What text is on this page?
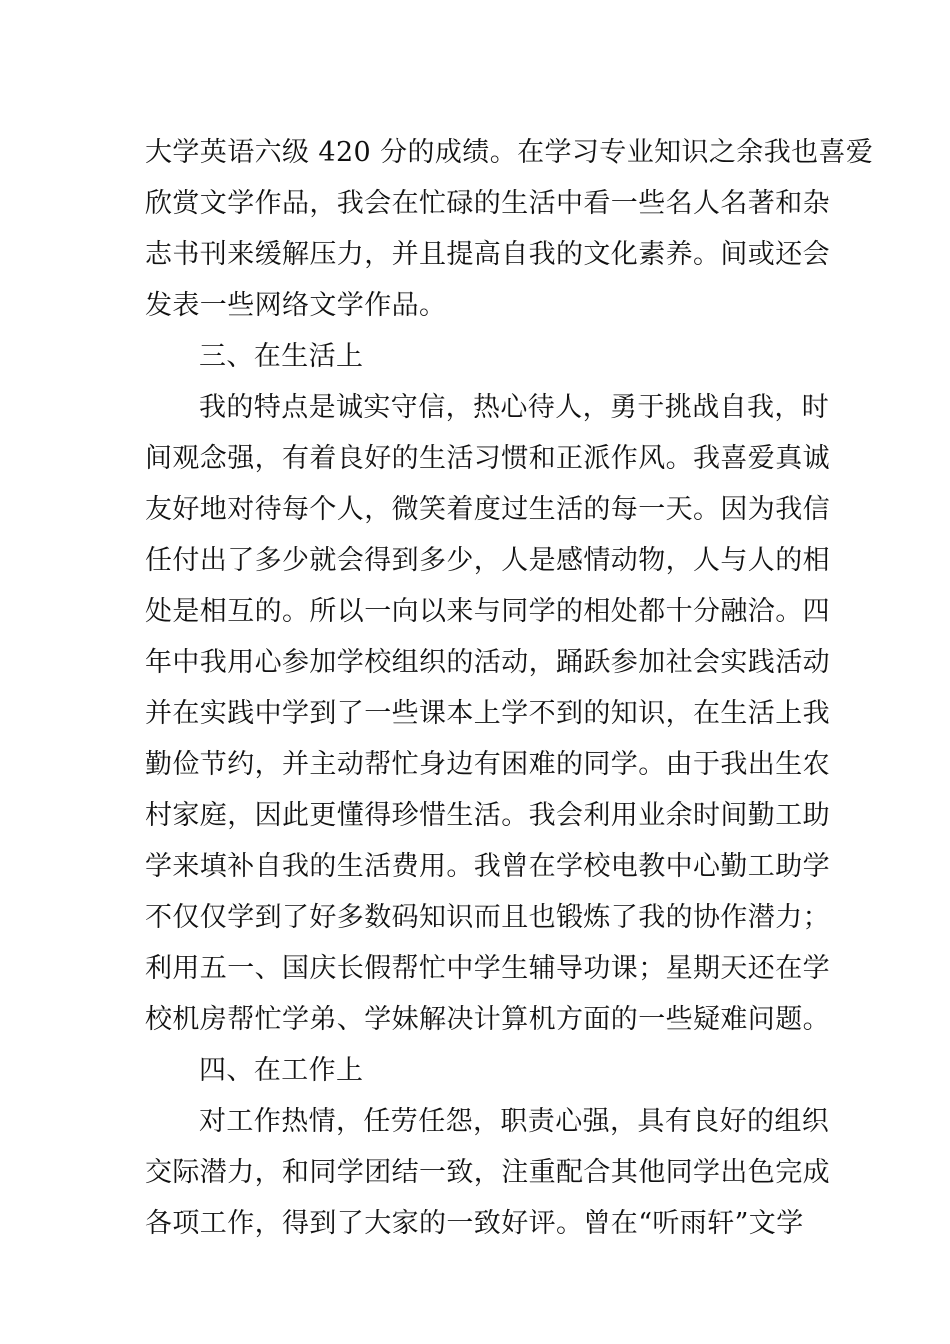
大学英语六级 420 分的成绩。在学习专业知识之余我也喜爱
欣赏文学作品，我会在忙碌的生活中看一些名人名著和杂
志书刊来缓解压力，并且提高自我的文化素养。间或还会
发表一些网络文学作品。
三、在生活上
我的特点是诚实守信，热心待人，勇于挑战自我，时
间观念强，有着良好的生活习惯和正派作风。我喜爱真诚
友好地对待每个人，微笑着度过生活的每一天。因为我信
任付出了多少就会得到多少，人是感情动物，人与人的相
处是相互的。所以一向以来与同学的相处都十分融洽。四
年中我用心参加学校组织的活动，踊跃参加社会实践活动
并在实践中学到了一些课本上学不到的知识，在生活上我
勤俭节约，并主动帮忙身边有困难的同学。由于我出生农
村家庭，因此更懂得珍惜生活。我会利用业余时间勤工助
学来填补自我的生活费用。我曾在学校电教中心勤工助学
不仅仅学到了好多数码知识而且也锻炼了我的协作潜力；
利用五一、国庆长假帮忙中学生辅导功课；星期天还在学
校机房帮忙学弟、学妹解决计算机方面的一些疑难问题。
四、在工作上
对工作热情，任劳任怨，职责心强，具有良好的组织
交际潜力，和同学团结一致，注重配合其他同学出色完成
各项工作，得到了大家的一致好评。曾在“听雨轩”文学
